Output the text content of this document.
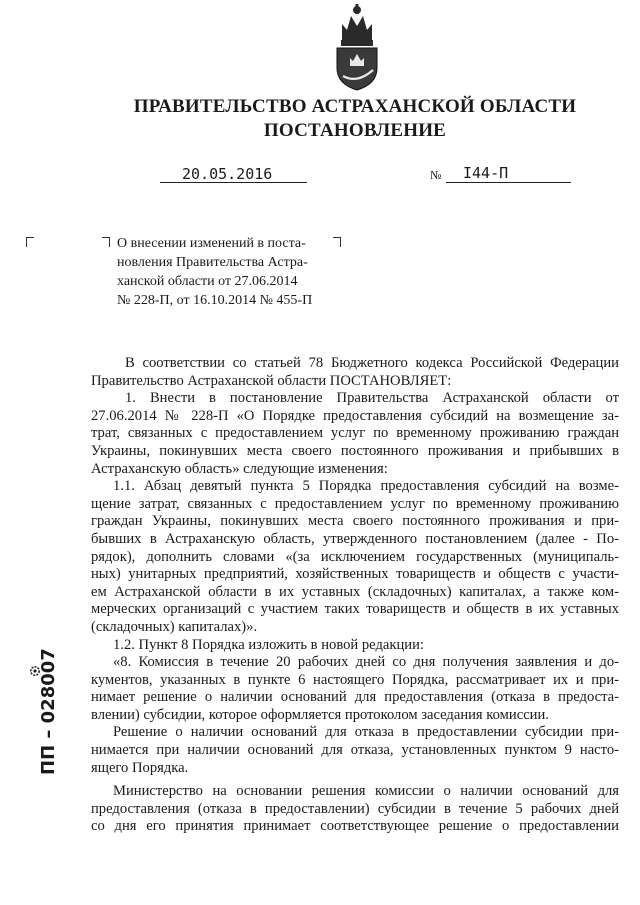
ПРАВИТЕЛЬСТВО АСТРАХАНСКОЙ ОБЛАСТИ
ПОСТАНОВЛЕНИЕ
20.05.2016	№ I44-П
О внесении изменений в поста-
новления Правительства Астра-
ханской области от 27.06.2014
№ 228-П, от 16.10.2014 № 455-П

В соответствии со статьей 78 Бюджетного кодекса Российской Федерации

Правительство Астраханской области ПОСТАНОВЛЯЕТ:

1. Внести в постановление Правительства Астраханской области от

27.06.2014 № 228-П «О Порядке предоставления субсидий на возмещение за-

трат, связанных с предоставлением услуг по временному проживанию граждан

Украины, покинувших места своего постоянного проживания и прибывших в

Астраханскую область» следующие изменения:

1.1. Абзац девятый пункта 5 Порядка предоставления субсидий на возме-

щение затрат, связанных с предоставлением услуг по временному проживанию

граждан Украины, покинувших места своего постоянного проживания и при-

бывших в Астраханскую область, утвержденного постановлением (далее - По-

рядок), дополнить словами «(за исключением государственных (муниципаль-

ных) унитарных предприятий, хозяйственных товариществ и обществ с участи-

ем Астраханской области в их уставных (складочных) капиталах, а также ком-

мерческих организаций с участием таких товариществ и обществ в их уставных

(складочных) капиталах)».

1.2. Пункт 8 Порядка изложить в новой редакции:

«8. Комиссия в течение 20 рабочих дней со дня получения заявления и до-

кументов, указанных в пункте 6 настоящего Порядка, рассматривает их и при-

нимает решение о наличии оснований для предоставления (отказа в предоста-

влении) субсидии, которое оформляется протоколом заседания комиссии.

Решение о наличии оснований для отказа в предоставлении субсидии при-

нимается при наличии оснований для отказа, установленных пунктом 9 насто-

ящего Порядка.

Министерство на основании решения комиссии о наличии оснований для

предоставления (отказа в предоставлении) субсидии в течение 5 рабочих дней

со дня его принятия принимает соответствующее решение о предоставлении

ПП – 028007
